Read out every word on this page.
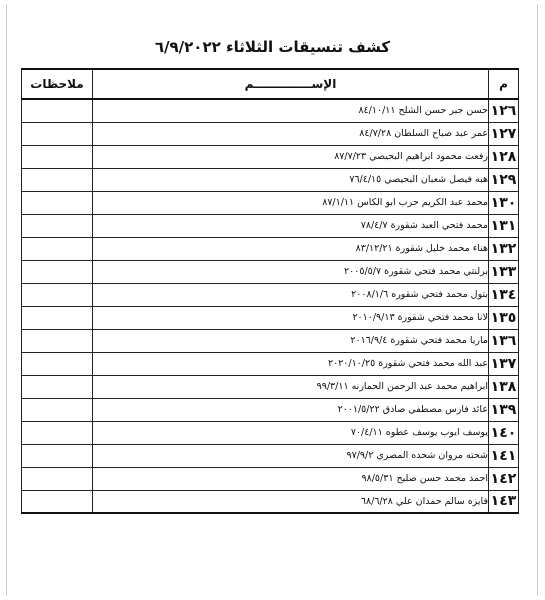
كشف تنسيقات الثلاثاء ٦/٩/٢٠٢٢
م	الإســــــــــــــم	ملاحظات
١٢٦	حسن جبر حسن الشلح ٨٤/١٠/١١	
١٢٧	عمر عبد صباح السلطان ٨٤/٧/٢٨	
١٢٨	رفعت محمود ابراهيم البحيصي ٨٧/٧/٢٣	
١٢٩	هبه فيصل شعبان البحيصي ٧٦/٤/١٥	
١٣٠	محمد عبد الكريم حرب ابو الكاس ٨٧/١/١١	
١٣١	محمد فتحي العبد شقورة ٧٨/٤/٧	
١٣٢	هناء محمد خليل شقورة ٨٣/١٢/٢١	
١٣٣	برلنتي محمد فتحي شقورة ٢٠٠٥/٥/٧	
١٣٤	بتول محمد فتحي شقوره ٢٠٠٨/١/٦	
١٣٥	لانا محمد فتحي شقورة ٢٠١٠/٩/١٣	
١٣٦	ماريا محمد فتحي شقورة ٢٠١٦/٩/٤	
١٣٧	عبد الله محمد فتحي شقورة ٢٠٢٠/١٠/٢٥	
١٣٨	ابراهيم محمد عبد الرحمن الحمارنه ٩٩/٣/١١	
١٣٩	عائد فارس مصطفي صادق ٢٠٠١/٥/٢٢	
١٤٠	يوسف ايوب يوسف عطوه ٧٠/٤/١١	
١٤١	شحته مروان شحده المصري ٩٧/٩/٢	
١٤٢	احمد محمد حسن صليح ٩٨/٥/٣١	
١٤٣	فايزه سالم حمدان علي ٦٨/٦/٢٨	
